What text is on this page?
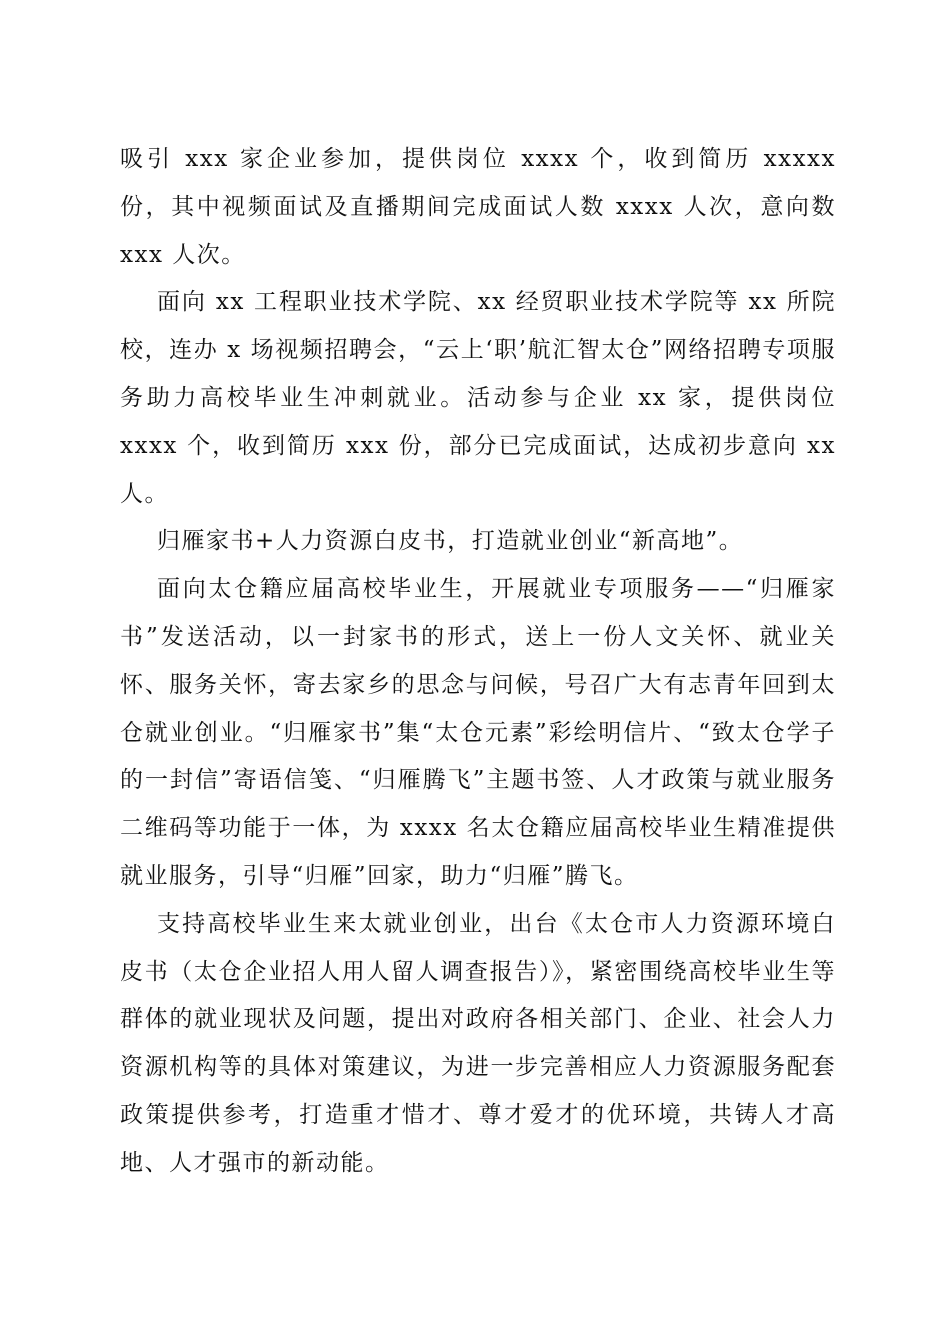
吸引 xxx 家企业参加，提供岗位 xxxx 个，收到简历 xxxxx 份，其中视频面试及直播期间完成面试人数 xxxx 人次，意向数 xxx 人次。

面向 xx 工程职业技术学院、xx 经贸职业技术学院等 xx 所院校，连办 x 场视频招聘会，“云上‘职’航汇智太仓”网络招聘专项服务助力高校毕业生冲刺就业。活动参与企业 xx 家，提供岗位 xxxx 个，收到简历 xxx 份，部分已完成面试，达成初步意向 xx 人。

归雁家书+人力资源白皮书，打造就业创业“新高地”。

面向太仓籍应届高校毕业生，开展就业专项服务——“归雁家书”发送活动，以一封家书的形式，送上一份人文关怀、就业关怀、服务关怀，寄去家乡的思念与问候，号召广大有志青年回到太仓就业创业。“归雁家书”集“太仓元素”彩绘明信片、“致太仓学子的一封信”寄语信笺、“归雁腾飞”主题书签、人才政策与就业服务二维码等功能于一体，为 xxxx 名太仓籍应届高校毕业生精准提供就业服务，引导“归雁”回家，助力“归雁”腾飞。

支持高校毕业生来太就业创业，出台《太仓市人力资源环境白皮书（太仓企业招人用人留人调查报告）》，紧密围绕高校毕业生等群体的就业现状及问题，提出对政府各相关部门、企业、社会人力资源机构等的具体对策建议，为进一步完善相应人力资源服务配套政策提供参考，打造重才惜才、尊才爱才的优环境，共铸人才高地、人才强市的新动能。
